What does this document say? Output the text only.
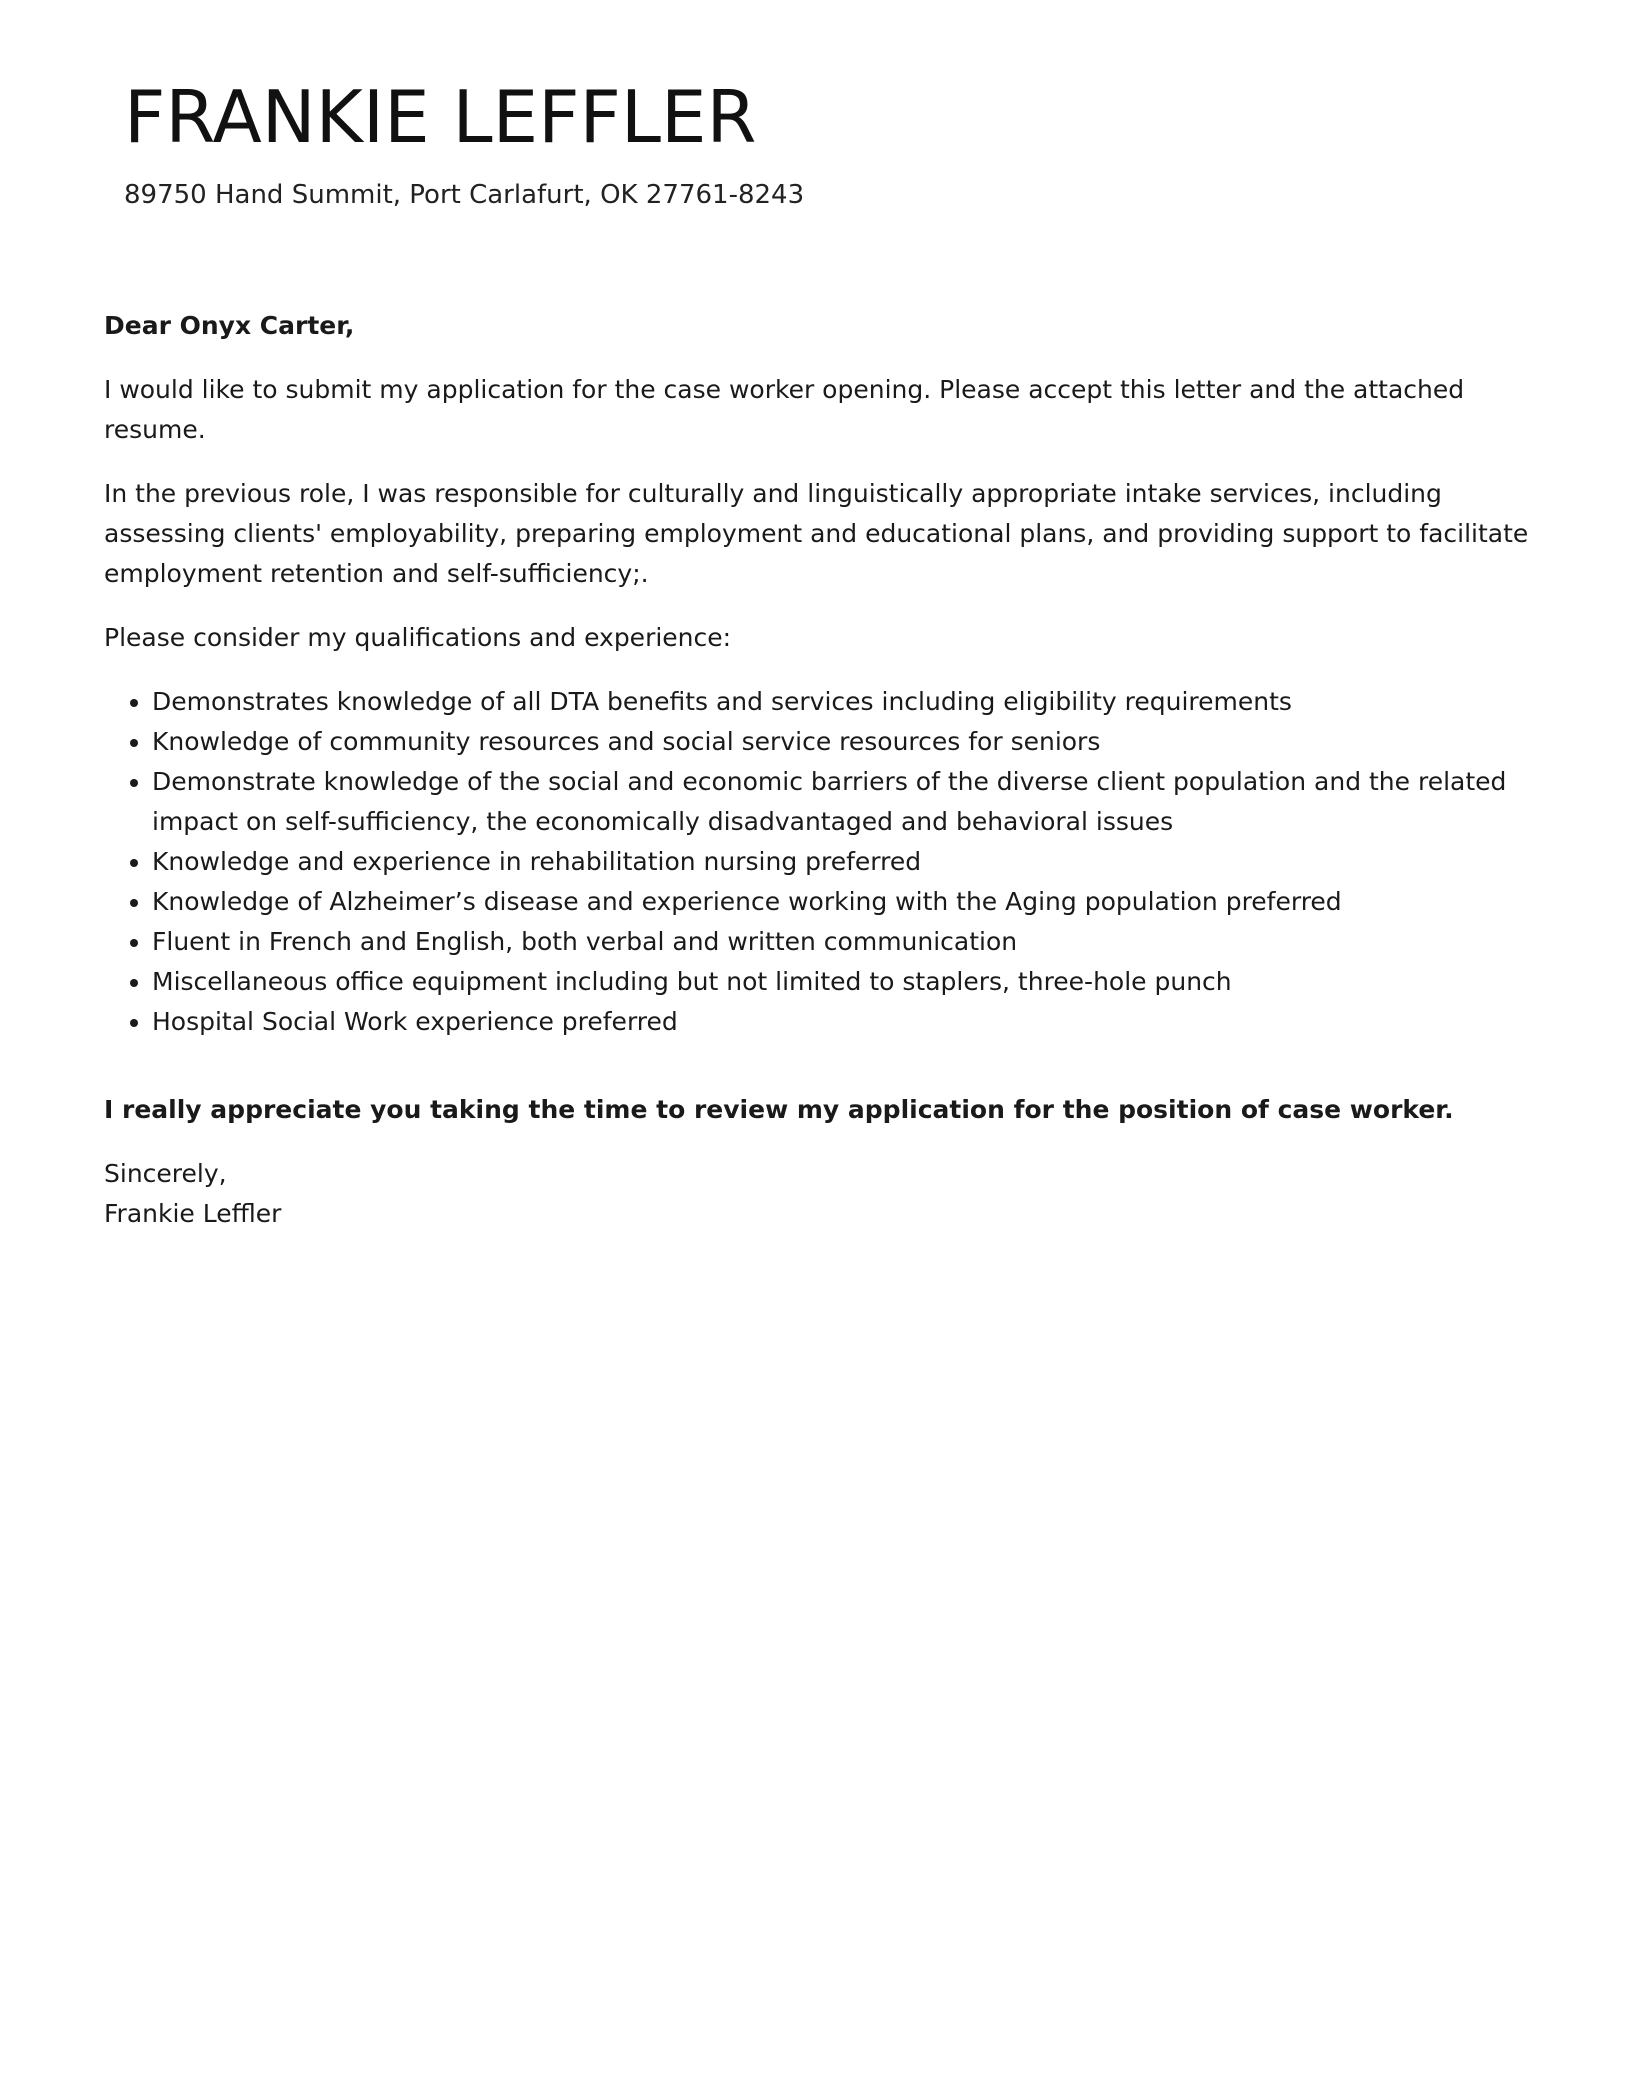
FRANKIE LEFFLER
89750 Hand Summit, Port Carlafurt, OK 27761-8243

Dear Onyx Carter,

I would like to submit my application for the case worker opening. Please accept this letter and the attached resume.

In the previous role, I was responsible for culturally and linguistically appropriate intake services, including assessing clients' employability, preparing employment and educational plans, and providing support to facilitate employment retention and self-sufficiency;.

Please consider my qualifications and experience:

• Demonstrates knowledge of all DTA benefits and services including eligibility requirements
• Knowledge of community resources and social service resources for seniors
• Demonstrate knowledge of the social and economic barriers of the diverse client population and the related impact on self-sufficiency, the economically disadvantaged and behavioral issues
• Knowledge and experience in rehabilitation nursing preferred
• Knowledge of Alzheimer’s disease and experience working with the Aging population preferred
• Fluent in French and English, both verbal and written communication
• Miscellaneous office equipment including but not limited to staplers, three-hole punch
• Hospital Social Work experience preferred

I really appreciate you taking the time to review my application for the position of case worker.

Sincerely,
Frankie Leffler
